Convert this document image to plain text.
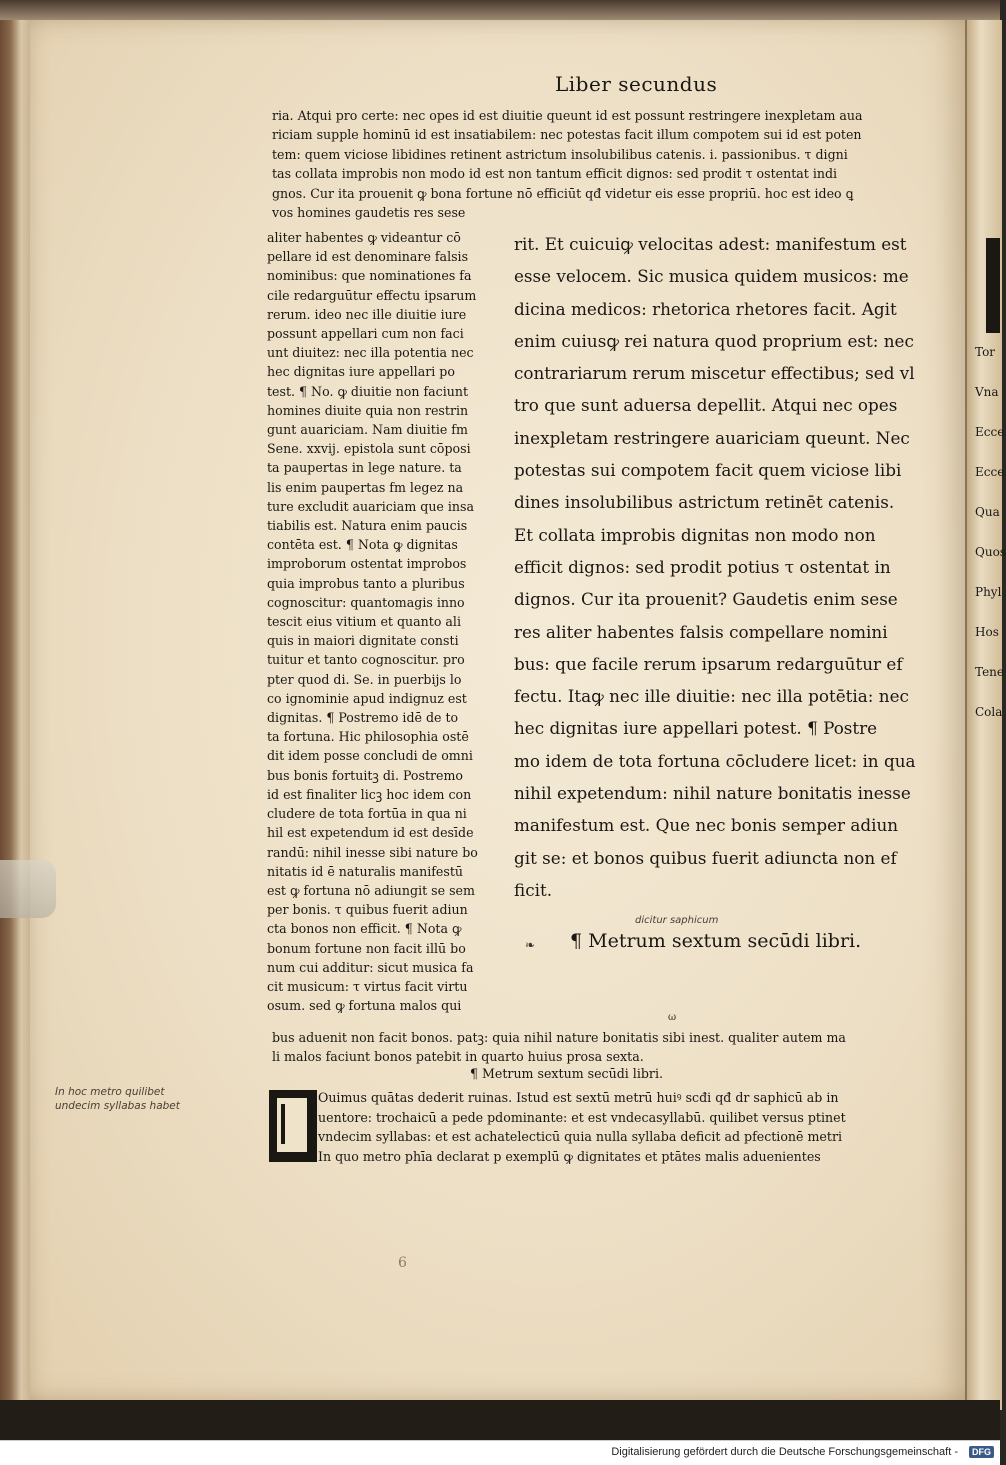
Liber secundus
ria. Atqui pro certe: nec opes id est diuitie queunt id est possunt restringere inexpletam aua
riciam supple hominū id est insatiabilem: nec potestas facit illum compotem sui id est poten
tem: quem viciose libidines retinent astrictum insolubilibus catenis. i. passionibus. τ digni
tas collata improbis non modo id est non tantum efficit dignos: sed prodit τ ostentat indi
gnos. Cur ita prouenit ꝙ bona fortune nō efficiūt qđ videtur eis esse propriū. hoc est ideo ꝗ
vos homines gaudetis res sese
aliter habentes ꝙ videantur cō
pellare id est denominare falsis
nominibus: que nominationes fa
cile redarguūtur effectu ipsarum
rerum. ideo nec ille diuitie iure
possunt appellari cum non faci
unt diuitez: nec illa potentia nec
hec dignitas iure appellari po
test. ¶ No. ꝙ diuitie non faciunt
homines diuite quia non restrin
gunt auariciam. Nam diuitie fm
Sene. xxvij. epistola sunt cōposi
ta paupertas in lege nature. ta
lis enim paupertas fm legez na
ture excludit auariciam que insa
tiabilis est. Natura enim paucis
contēta est. ¶ Nota ꝙ dignitas
improborum ostentat improbos
quia improbus tanto a pluribus
cognoscitur: quantomagis inno
tescit eius vitium et quanto ali
quis in maiori dignitate consti
tuitur et tanto cognoscitur. pro
pter quod di. Se. in puerbijs lo
co ignominie apud indignuz est
dignitas. ¶ Postremo idē de to
ta fortuna. Hic philosophia ostē
dit idem posse concludi de omni
bus bonis fortuitꝫ di. Postremo
id est finaliter licꝫ hoc idem con
cludere de tota fortūa in qua ni
hil est expetendum id est desīde
randū: nihil inesse sibi nature bo
nitatis id ē naturalis manifestū
est ꝙ fortuna nō adiungit se sem
per bonis. τ quibus fuerit adiun
cta bonos non efficit. ¶ Nota ꝙ
bonum fortune non facit illū bo
num cui additur: sicut musica fa
cit musicum: τ virtus facit virtu
osum. sed ꝙ fortuna malos qui
rit. Et cuicuiꝙ velocitas adest: manifestum est
esse velocem. Sic musica quidem musicos: me
dicina medicos: rhetorica rhetores facit. Agit
enim cuiusꝙ rei natura quod proprium est: nec
contrariarum rerum miscetur effectibus; sed vl
tro que sunt aduersa depellit. Atqui nec opes
inexpletam restringere auariciam queunt. Nec
potestas sui compotem facit quem viciose libi
dines insolubilibus astrictum retinēt catenis.
Et collata improbis dignitas non modo non
efficit dignos: sed prodit potius τ ostentat in
dignos. Cur ita prouenit? Gaudetis enim sese
res aliter habentes falsis compellare nomini
bus: que facile rerum ipsarum redarguūtur ef
fectu. Itaꝙ nec ille diuitie: nec illa potētia: nec
hec dignitas iure appellari potest. ¶ Postre
mo idem de tota fortuna cōcludere licet: in qua
nihil expetendum: nihil nature bonitatis inesse
manifestum est. Que nec bonis semper adiun
git se: et bonos quibus fuerit adiuncta non ef
ficit.
dicitur saphicum
❧ ¶ Metrum sextum secūdi libri.
ω
bus aduenit non facit bonos. patꝫ: quia nihil nature bonitatis sibi inest. qualiter autem ma
li malos faciunt bonos patebit in quarto huius prosa sexta.
¶ Metrum sextum secūdi libri.
Ouimus quātas dederit ruinas. Istud est sextū metrū huiꝰ scđi qđ dr saphicū ab in
uentore: trochaicū a pede pdominante: et est vndecasyllabū. quilibet versus ptinet
vndecim syllabas: et est achatelecticū quia nulla syllaba deficit ad pfectionē metri
In quo metro phīa declarat p exemplū ꝙ dignitates et ptātes malis aduenientes
In hoc metro quilibet
undecim syllabas habet
6
Tor
Vna
Ecce
Ecce
Qua
Quos
Phyl
Hos
Tene
Cola
Digitalisierung gefördert durch die Deutsche Forschungsgemeinschaft -	DFG
